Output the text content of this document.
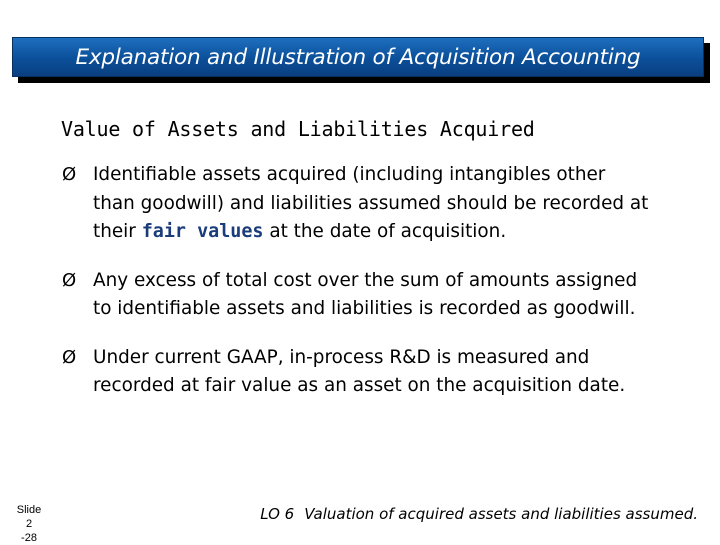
Explanation and Illustration of Acquisition Accounting
Value of Assets and Liabilities Acquired
Ø Identifiable assets acquired (including intangibles other
than goodwill) and liabilities assumed should be recorded at
their fair values at the date of acquisition.
Ø Any excess of total cost over the sum of amounts assigned
to identifiable assets and liabilities is recorded as goodwill.
Ø Under current GAAP, in-process R&D is measured and
recorded at fair value as an asset on the acquisition date.
Slide 2
-28
LO 6 Valuation of acquired assets and liabilities assumed.
